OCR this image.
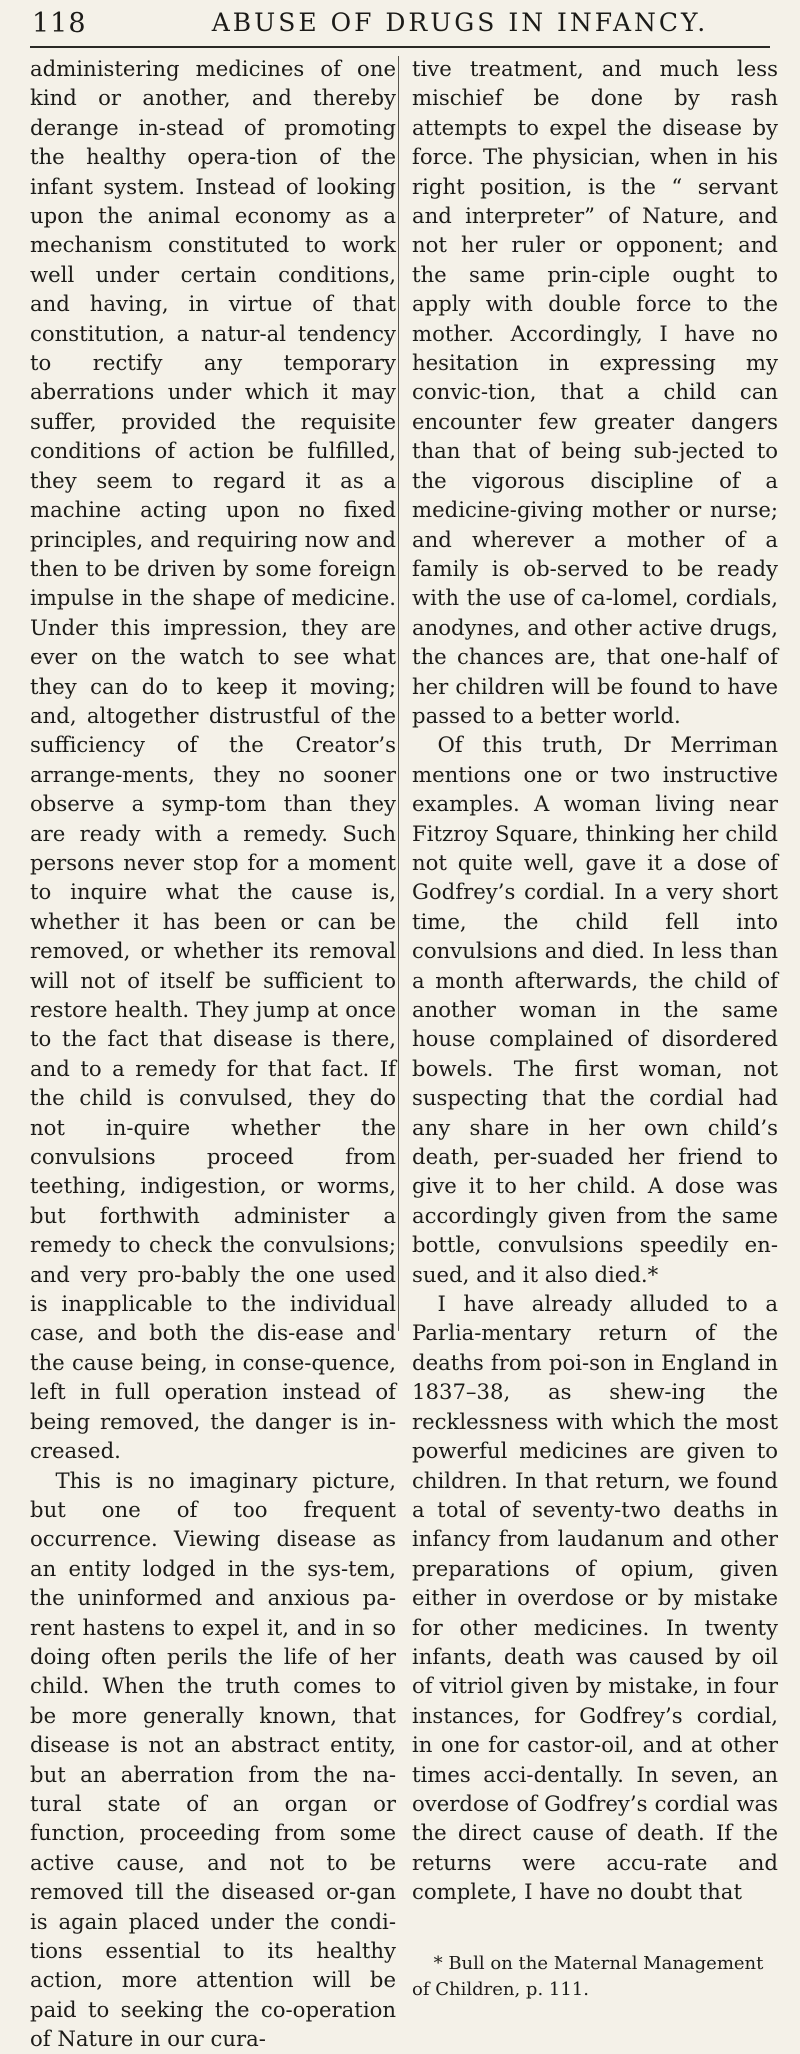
118	ABUSE OF DRUGS IN INFANCY.

administering medicines of one kind or another, and thereby derange in-stead of promoting the healthy opera-tion of the infant system. Instead of looking upon the animal economy as a mechanism constituted to work well under certain conditions, and having, in virtue of that constitution, a natur-al tendency to rectify any temporary aberrations under which it may suffer, provided the requisite conditions of action be fulfilled, they seem to regard it as a machine acting upon no fixed principles, and requiring now and then to be driven by some foreign impulse in the shape of medicine. Under this impression, they are ever on the watch to see what they can do to keep it moving; and, altogether distrustful of the sufficiency of the Creator’s arrange-ments, they no sooner observe a symp-tom than they are ready with a remedy. Such persons never stop for a moment to inquire what the cause is, whether it has been or can be removed, or whether its removal will not of itself be sufficient to restore health. They jump at once to the fact that disease is there, and to a remedy for that fact. If the child is convulsed, they do not in-quire whether the convulsions proceed from teething, indigestion, or worms, but forthwith administer a remedy to check the convulsions; and very pro-bably the one used is inapplicable to the individual case, and both the dis-ease and the cause being, in conse-quence, left in full operation instead of being removed, the danger is in-creased.

This is no imaginary picture, but one of too frequent occurrence. Viewing disease as an entity lodged in the sys-tem, the uninformed and anxious pa-rent hastens to expel it, and in so doing often perils the life of her child. When the truth comes to be more generally known, that disease is not an abstract entity, but an aberration from the na-tural state of an organ or function, proceeding from some active cause, and not to be removed till the diseased or-gan is again placed under the condi-tions essential to its healthy action, more attention will be paid to seeking the co-operation of Nature in our cura-

tive treatment, and much less mischief be done by rash attempts to expel the disease by force. The physician, when in his right position, is the “ servant and interpreter” of Nature, and not her ruler or opponent; and the same prin-ciple ought to apply with double force to the mother. Accordingly, I have no hesitation in expressing my convic-tion, that a child can encounter few greater dangers than that of being sub-jected to the vigorous discipline of a medicine-giving mother or nurse; and wherever a mother of a family is ob-served to be ready with the use of ca-lomel, cordials, anodynes, and other active drugs, the chances are, that one-half of her children will be found to have passed to a better world.

Of this truth, Dr Merriman mentions one or two instructive examples. A woman living near Fitzroy Square, thinking her child not quite well, gave it a dose of Godfrey’s cordial. In a very short time, the child fell into convulsions and died. In less than a month afterwards, the child of another woman in the same house complained of disordered bowels. The first woman, not suspecting that the cordial had any share in her own child’s death, per-suaded her friend to give it to her child. A dose was accordingly given from the same bottle, convulsions speedily en-sued, and it also died.*

I have already alluded to a Parlia-mentary return of the deaths from poi-son in England in 1837–38, as shew-ing the recklessness with which the most powerful medicines are given to children. In that return, we found a total of seventy-two deaths in infancy from laudanum and other preparations of opium, given either in overdose or by mistake for other medicines. In twenty infants, death was caused by oil of vitriol given by mistake, in four instances, for Godfrey’s cordial, in one for castor-oil, and at other times acci-dentally. In seven, an overdose of Godfrey’s cordial was the direct cause of death. If the returns were accu-rate and complete, I have no doubt that

* Bull on the Maternal Management of Children, p. 111.
